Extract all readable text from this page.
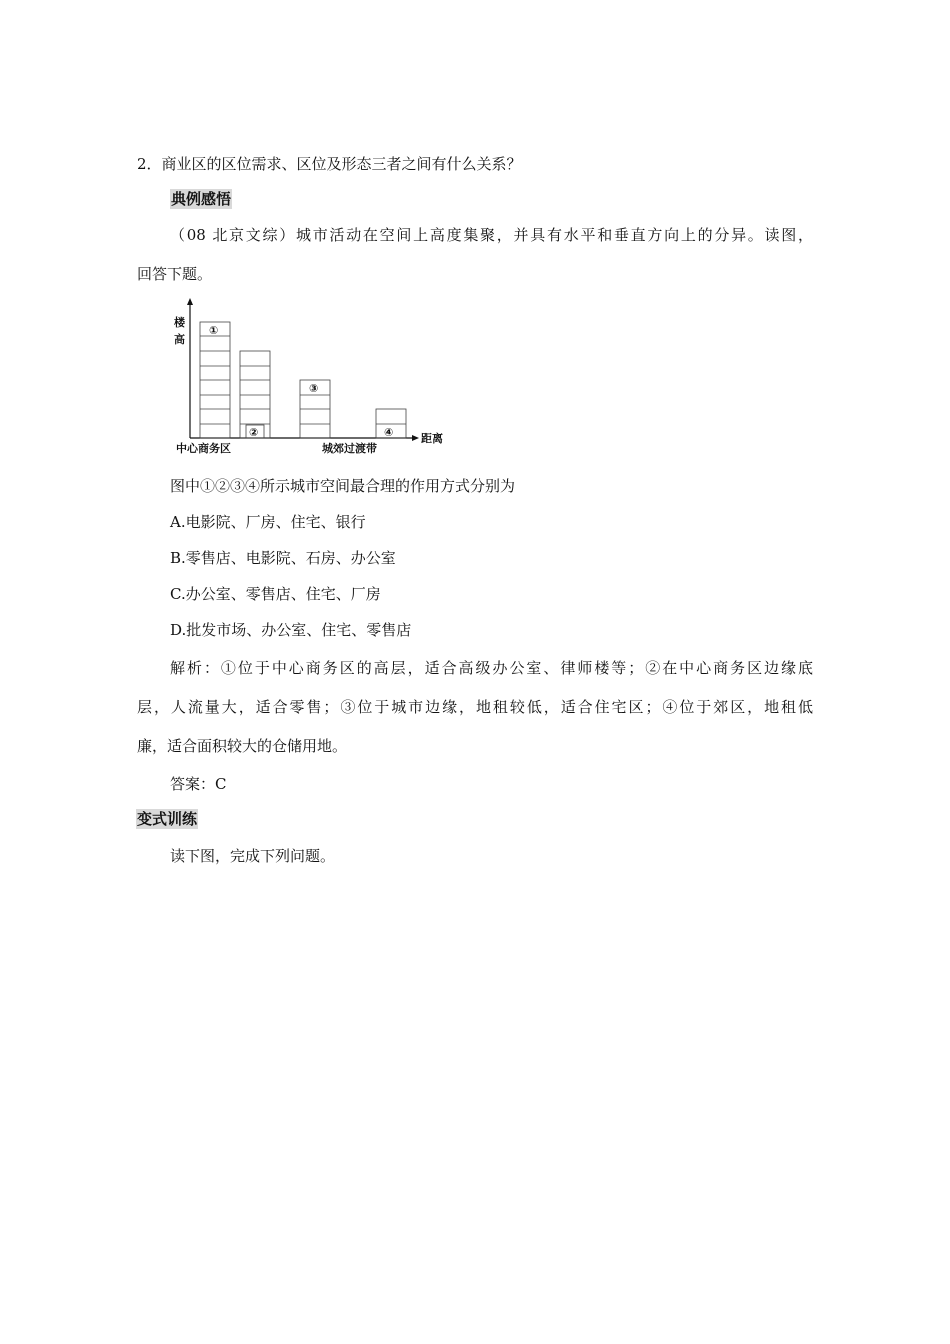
2．商业区的区位需求、区位及形态三者之间有什么关系？
典例感悟
（08 北京文综）城市活动在空间上高度集聚，并具有水平和垂直方向上的分异。读图，
回答下题。
楼
高
距离
中心商务区	城郊过渡带
①
②
③
④
图中①②③④所示城市空间最合理的作用方式分别为
A.电影院、厂房、住宅、银行
B.零售店、电影院、石房、办公室
C.办公室、零售店、住宅、厂房
D.批发市场、办公室、住宅、零售店
解析：①位于中心商务区的高层，适合高级办公室、律师楼等；②在中心商务区边缘底
层，人流量大，适合零售；③位于城市边缘，地租较低，适合住宅区；④位于郊区，地租低
廉，适合面积较大的仓储用地。
答案：C
变式训练
读下图，完成下列问题。
